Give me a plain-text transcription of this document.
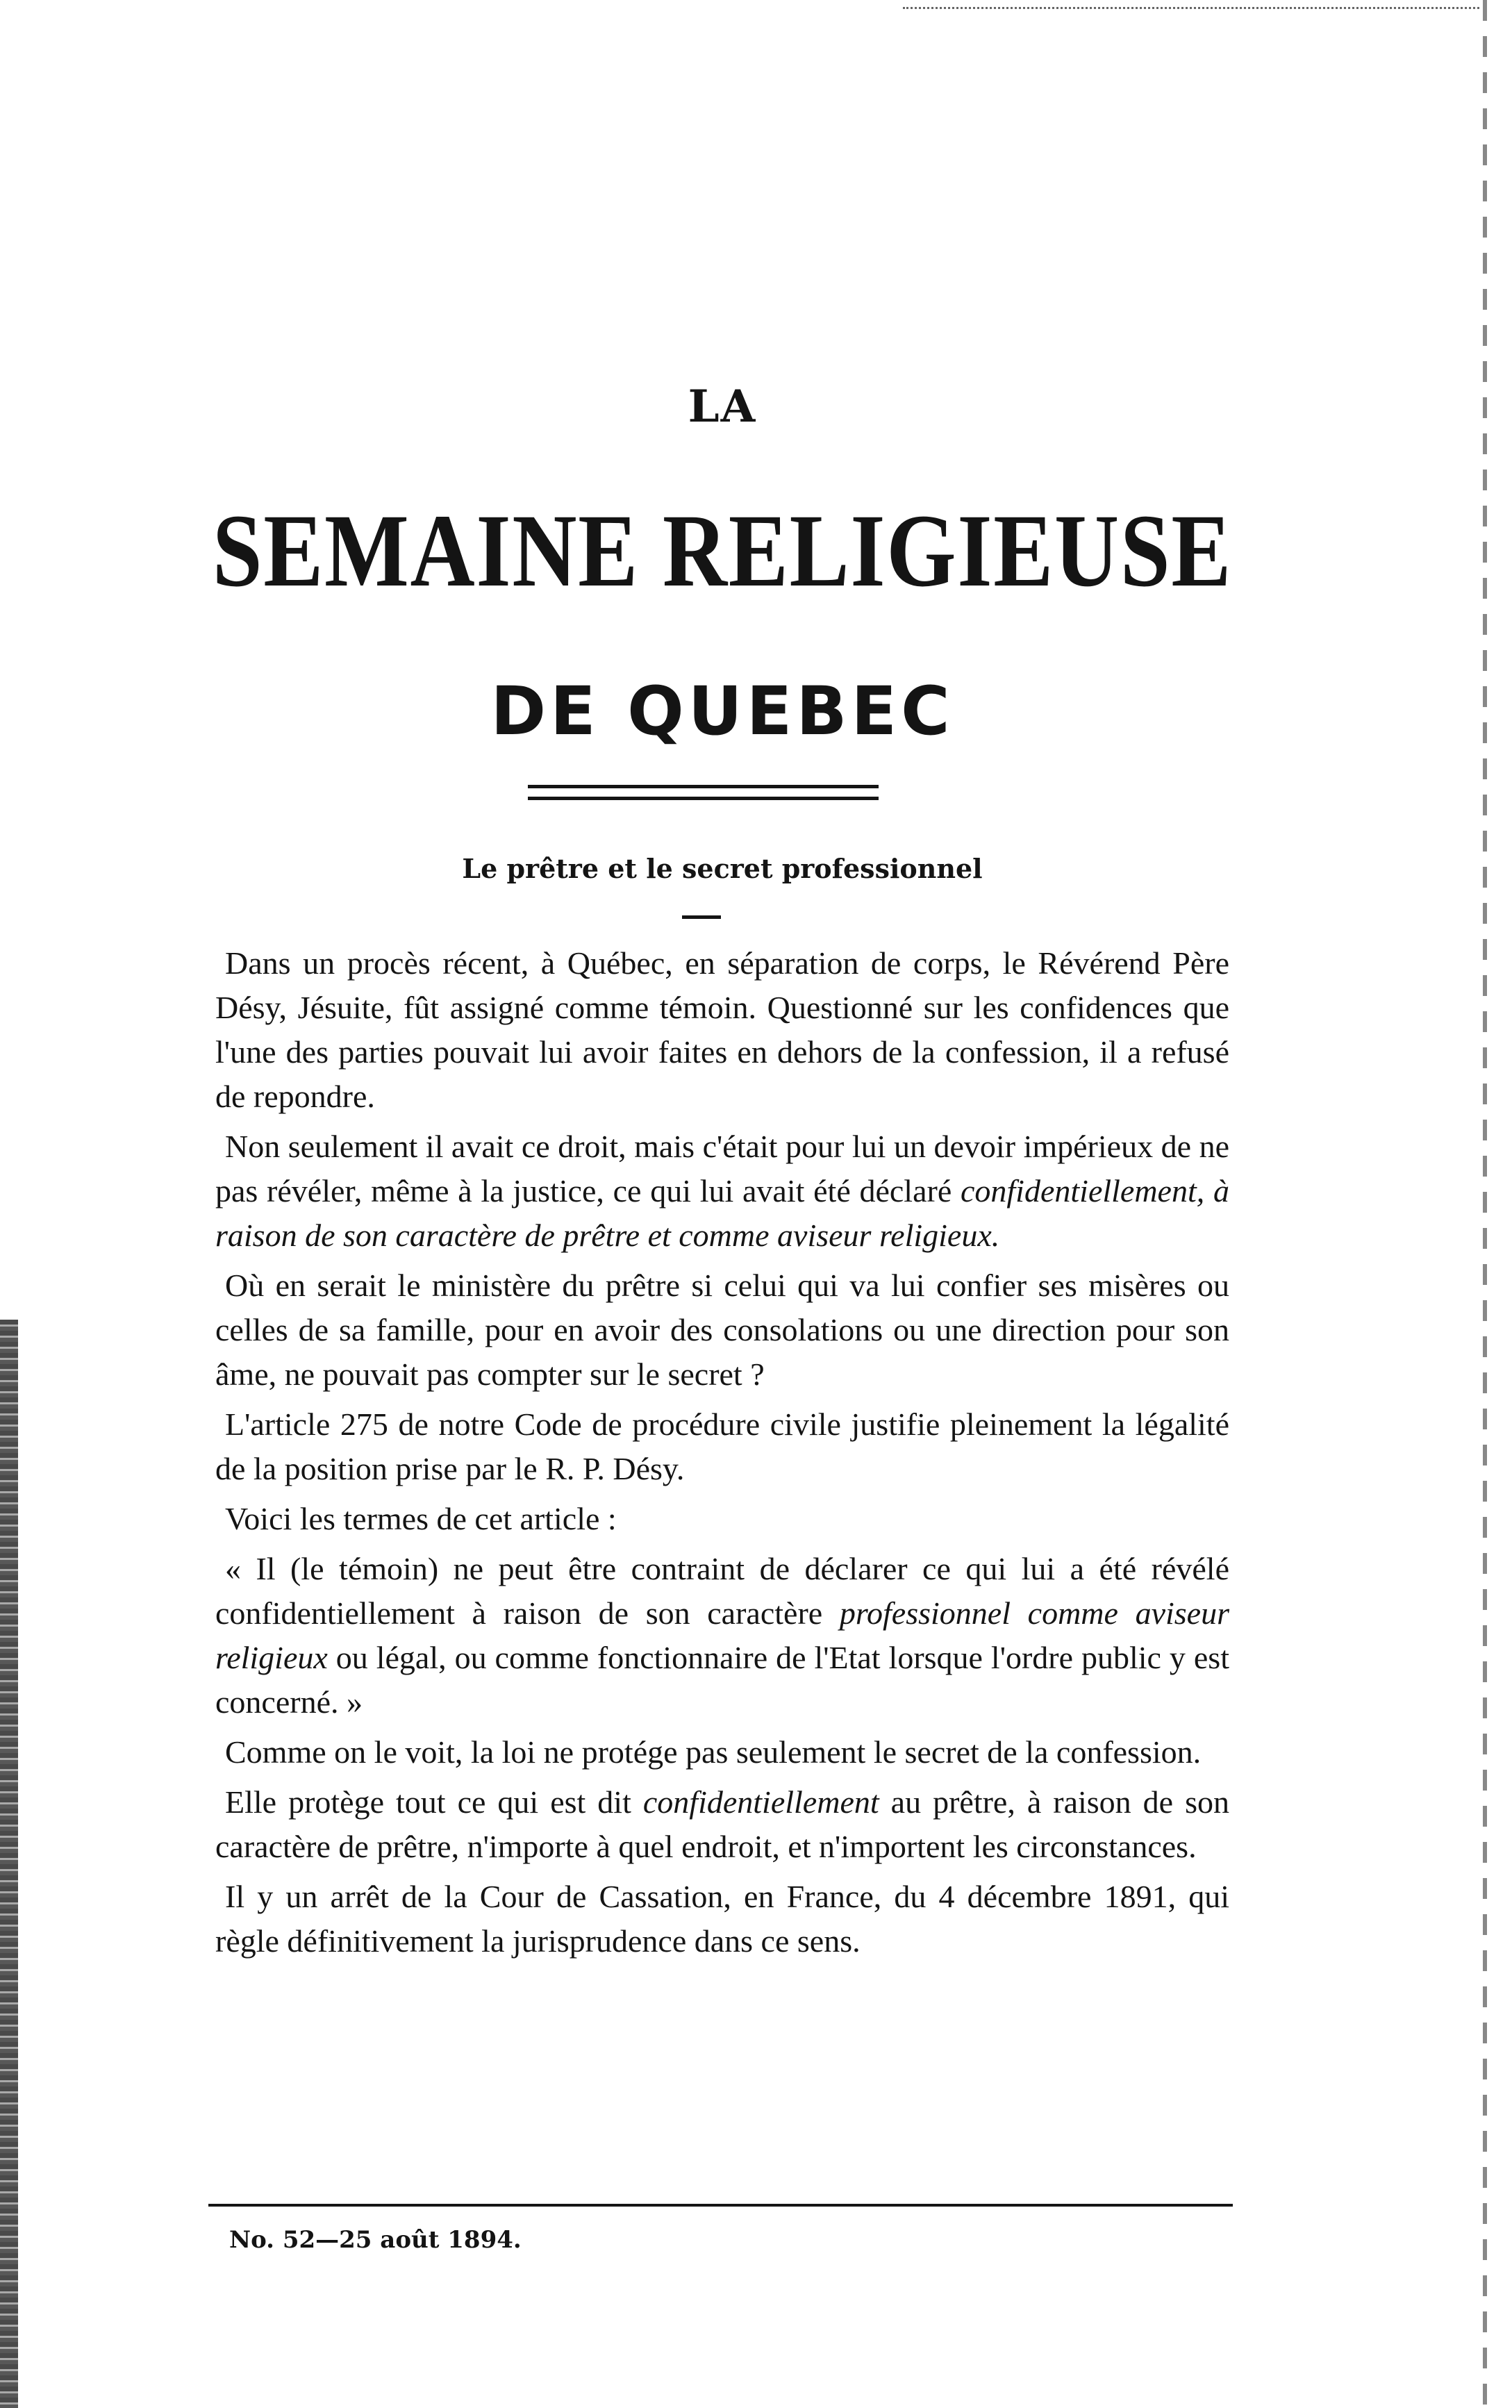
LA
SEMAINE RELIGIEUSE
DE QUEBEC
Le prêtre et le secret professionnel

Dans un procès récent, à Québec, en séparation de corps, le Révérend Père Désy, Jésuite, fût assigné comme témoin. Questionné sur les confidences que l'une des parties pouvait lui avoir faites en dehors de la confession, il a refusé de repondre.

Non seulement il avait ce droit, mais c'était pour lui un devoir impérieux de ne pas révéler, même à la justice, ce qui lui avait été déclaré confidentiellement, à raison de son caractère de prêtre et comme aviseur religieux.

Où en serait le ministère du prêtre si celui qui va lui confier ses misères ou celles de sa famille, pour en avoir des consolations ou une direction pour son âme, ne pouvait pas compter sur le secret ?

L'article 275 de notre Code de procédure civile justifie pleinement la légalité de la position prise par le R. P. Désy.

Voici les termes de cet article :

« Il (le témoin) ne peut être contraint de déclarer ce qui lui a été révélé confidentiellement à raison de son caractère professionnel comme aviseur religieux ou légal, ou comme fonctionnaire de l'Etat lorsque l'ordre public y est concerné. »

Comme on le voit, la loi ne protége pas seulement le secret de la confession.

Elle protège tout ce qui est dit confidentiellement au prêtre, à raison de son caractère de prêtre, n'importe à quel endroit, et n'importent les circonstances.

Il y un arrêt de la Cour de Cassation, en France, du 4 décembre 1891, qui règle définitivement la jurisprudence dans ce sens.

No. 52—25 août 1894.
